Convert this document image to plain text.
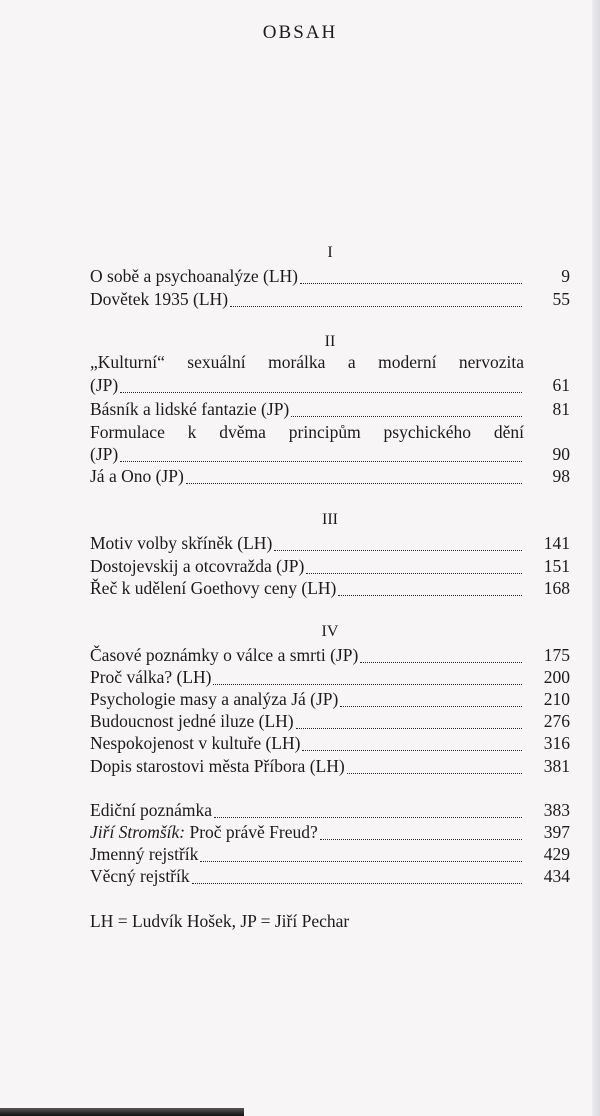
OBSAH
I
O sobě a psychoanalýze (LH)	9
Dovětek 1935 (LH)	55
II
„Kulturní“ sexuální morálka a moderní nervozita
(JP)	61
Básník a lidské fantazie (JP)	81
Formulace k dvěma principům psychického dění
(JP)	90
Já a Ono (JP)	98
III
Motiv volby skříněk (LH)	141
Dostojevskij a otcovražda (JP)	151
Řeč k udělení Goethovy ceny (LH)	168
IV
Časové poznámky o válce a smrti (JP)	175
Proč válka? (LH)	200
Psychologie masy a analýza Já (JP)	210
Budoucnost jedné iluze (LH)	276
Nespokojenost v kultuře (LH)	316
Dopis starostovi města Příbora (LH)	381
Ediční poznámka	383
Jiří Stromšík: Proč právě Freud?	397
Jmenný rejstřík	429
Věcný rejstřík	434
LH = Ludvík Hošek, JP = Jiří Pechar
